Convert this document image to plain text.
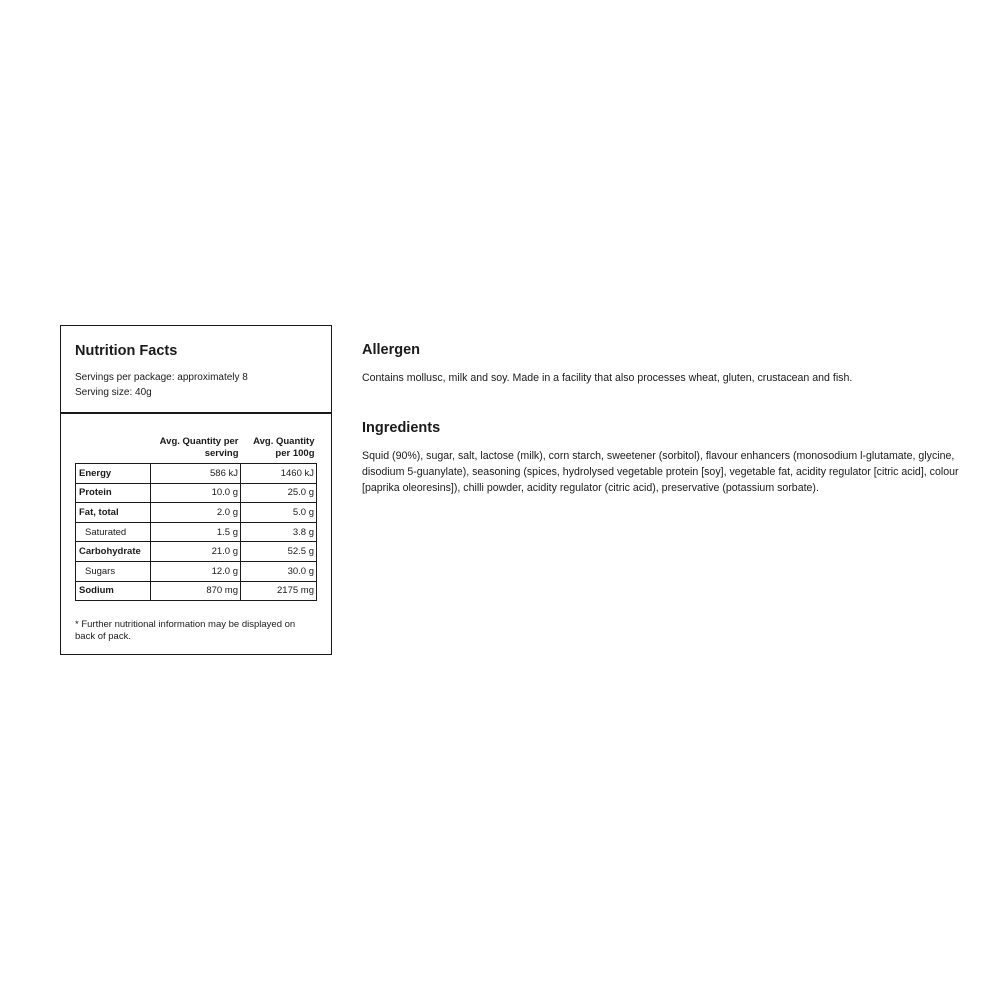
Nutrition Facts
Servings per package: approximately 8
Serving size: 40g
	Avg. Quantity per serving	Avg. Quantity per 100g
Energy	586 kJ	1460 kJ
Protein	10.0 g	25.0 g
Fat, total	2.0 g	5.0 g
Saturated	1.5 g	3.8 g
Carbohydrate	21.0 g	52.5 g
Sugars	12.0 g	30.0 g
Sodium	870 mg	2175 mg
* Further nutritional information may be displayed on back of pack.
Allergen

Contains mollusc, milk and soy. Made in a facility that also processes wheat, gluten, crustacean and fish.

Ingredients

Squid (90%), sugar, salt, lactose (milk), corn starch, sweetener (sorbitol), flavour enhancers (monosodium l-glutamate, glycine, disodium 5-guanylate), seasoning (spices, hydrolysed vegetable protein [soy], vegetable fat, acidity regulator [citric acid], colour [paprika oleoresins]), chilli powder, acidity regulator (citric acid), preservative (potassium sorbate).
